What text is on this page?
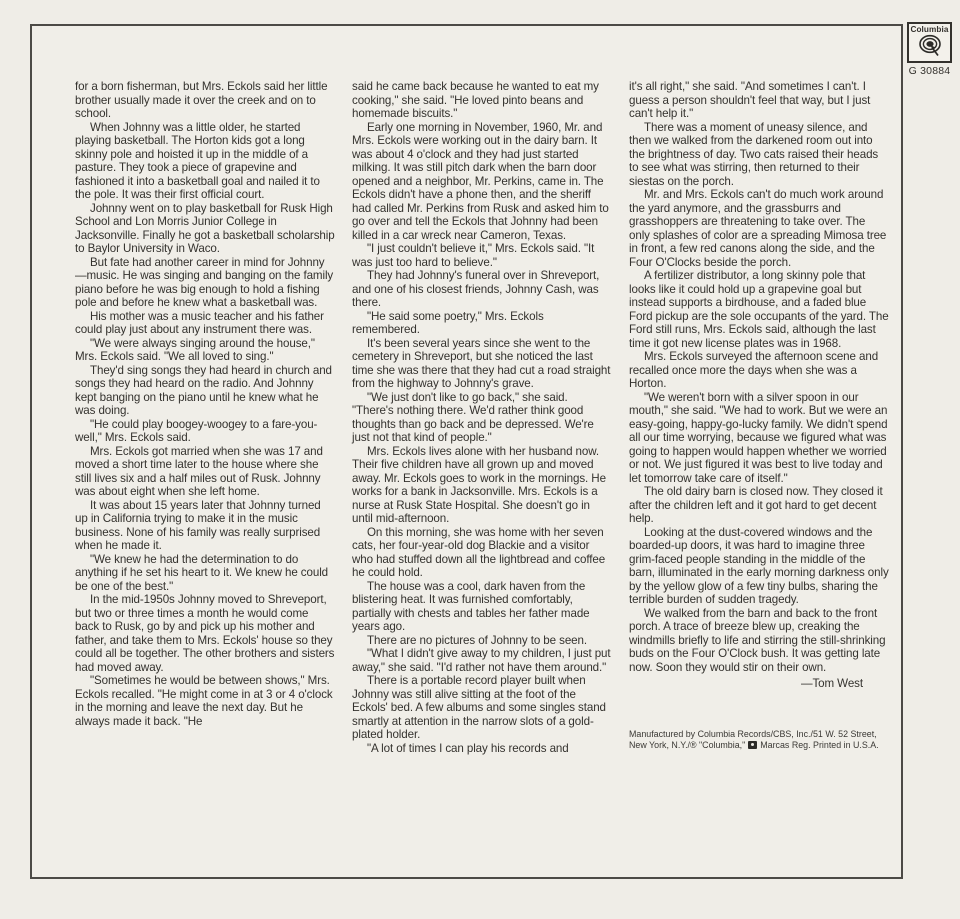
Columbia
G 30884

for a born fisherman, but Mrs. Eckols said her little brother usually made it over the creek and on to school.

When Johnny was a little older, he started playing basketball. The Horton kids got a long skinny pole and hoisted it up in the middle of a pasture. They took a piece of grapevine and fashioned it into a basketball goal and nailed it to the pole. It was their first official court.

Johnny went on to play basketball for Rusk High School and Lon Morris Junior College in Jacksonville. Finally he got a basketball scholarship to Baylor University in Waco.

But fate had another career in mind for Johnny—music. He was singing and banging on the family piano before he was big enough to hold a fishing pole and before he knew what a basketball was.

His mother was a music teacher and his father could play just about any instrument there was.

"We were always singing around the house," Mrs. Eckols said. "We all loved to sing."

They'd sing songs they had heard in church and songs they had heard on the radio. And Johnny kept banging on the piano until he knew what he was doing.

"He could play boogey-woogey to a fare-you-well," Mrs. Eckols said.

Mrs. Eckols got married when she was 17 and moved a short time later to the house where she still lives six and a half miles out of Rusk. Johnny was about eight when she left home.

It was about 15 years later that Johnny turned up in California trying to make it in the music business. None of his family was really surprised when he made it.

"We knew he had the determination to do anything if he set his heart to it. We knew he could be one of the best."

In the mid-1950s Johnny moved to Shreveport, but two or three times a month he would come back to Rusk, go by and pick up his mother and father, and take them to Mrs. Eckols' house so they could all be together. The other brothers and sisters had moved away.

"Sometimes he would be between shows," Mrs. Eckols recalled. "He might come in at 3 or 4 o'clock in the morning and leave the next day. But he always made it back. "He

said he came back because he wanted to eat my cooking," she said. "He loved pinto beans and homemade biscuits."

Early one morning in November, 1960, Mr. and Mrs. Eckols were working out in the dairy barn. It was about 4 o'clock and they had just started milking. It was still pitch dark when the barn door opened and a neighbor, Mr. Perkins, came in. The Eckols didn't have a phone then, and the sheriff had called Mr. Perkins from Rusk and asked him to go over and tell the Eckols that Johnny had been killed in a car wreck near Cameron, Texas.

"I just couldn't believe it," Mrs. Eckols said. "It was just too hard to believe."

They had Johnny's funeral over in Shreveport, and one of his closest friends, Johnny Cash, was there.

"He said some poetry," Mrs. Eckols remembered.

It's been several years since she went to the cemetery in Shreveport, but she noticed the last time she was there that they had cut a road straight from the highway to Johnny's grave.

"We just don't like to go back," she said. "There's nothing there. We'd rather think good thoughts than go back and be depressed. We're just not that kind of people."

Mrs. Eckols lives alone with her husband now. Their five children have all grown up and moved away. Mr. Eckols goes to work in the mornings. He works for a bank in Jacksonville. Mrs. Eckols is a nurse at Rusk State Hospital. She doesn't go in until mid-afternoon.

On this morning, she was home with her seven cats, her four-year-old dog Blackie and a visitor who had stuffed down all the lightbread and coffee he could hold.

The house was a cool, dark haven from the blistering heat. It was furnished comfortably, partially with chests and tables her father made years ago.

There are no pictures of Johnny to be seen.

"What I didn't give away to my children, I just put away," she said. "I'd rather not have them around."

There is a portable record player built when Johnny was still alive sitting at the foot of the Eckols' bed. A few albums and some singles stand smartly at attention in the narrow slots of a gold-plated holder.

"A lot of times I can play his records and

it's all right," she said. "And sometimes I can't. I guess a person shouldn't feel that way, but I just can't help it."

There was a moment of uneasy silence, and then we walked from the darkened room out into the brightness of day. Two cats raised their heads to see what was stirring, then returned to their siestas on the porch.

Mr. and Mrs. Eckols can't do much work around the yard anymore, and the grassburrs and grasshoppers are threatening to take over. The only splashes of color are a spreading Mimosa tree in front, a few red canons along the side, and the Four O'Clocks beside the porch.

A fertilizer distributor, a long skinny pole that looks like it could hold up a grapevine goal but instead supports a birdhouse, and a faded blue Ford pickup are the sole occupants of the yard. The Ford still runs, Mrs. Eckols said, although the last time it got new license plates was in 1968.

Mrs. Eckols surveyed the afternoon scene and recalled once more the days when she was a Horton.

"We weren't born with a silver spoon in our mouth," she said. "We had to work. But we were an easy-going, happy-go-lucky family. We didn't spend all our time worrying, because we figured what was going to happen would happen whether we worried or not. We just figured it was best to live today and let tomorrow take care of itself."

The old dairy barn is closed now. They closed it after the children left and it got hard to get decent help.

Looking at the dust-covered windows and the boarded-up doors, it was hard to imagine three grim-faced people standing in the middle of the barn, illuminated in the early morning darkness only by the yellow glow of a few tiny bulbs, sharing the terrible burden of sudden tragedy.

We walked from the barn and back to the front porch. A trace of breeze blew up, creaking the windmills briefly to life and stirring the still-shrinking buds on the Four O'Clock bush. It was getting late now. Soon they would stir on their own.

—Tom West

Manufactured by Columbia Records/CBS, Inc./51 W. 52 Street, New York, N.Y./® "Columbia," Marcas Reg. Printed in U.S.A.
